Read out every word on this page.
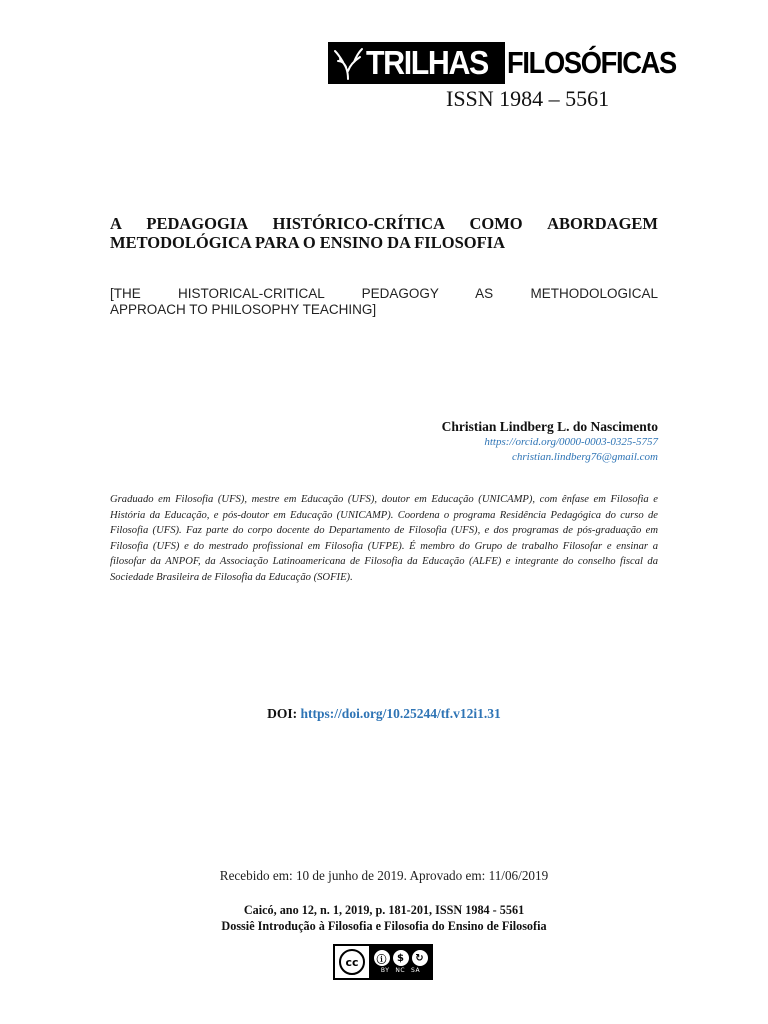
TRILHAS FILOSÓFICAS
ISSN 1984 – 5561
A PEDAGOGIA HISTÓRICO-CRÍTICA COMO ABORDAGEM
METODOLÓGICA PARA O ENSINO DA FILOSOFIA
[THE HISTORICAL-CRITICAL PEDAGOGY AS METHODOLOGICAL
APPROACH TO PHILOSOPHY TEACHING]
Christian Lindberg L. do Nascimento
https://orcid.org/0000-0003-0325-5757
christian.lindberg76@gmail.com
Graduado em Filosofia (UFS), mestre em Educação (UFS), doutor em Educação (UNICAMP), com ênfase em Filosofia e História da Educação, e pós-doutor em Educação (UNICAMP). Coordena o programa Residência Pedagógica do curso de Filosofia (UFS). Faz parte do corpo docente do Departamento de Filosofia (UFS), e dos programas de pós-graduação em Filosofia (UFS) e do mestrado profissional em Filosofia (UFPE). É membro do Grupo de trabalho Filosofar e ensinar a filosofar da ANPOF, da Associação Latinoamericana de Filosofia da Educação (ALFE) e integrante do conselho fiscal da Sociedade Brasileira de Filosofia da Educação (SOFIE).
DOI: https://doi.org/10.25244/tf.v12i1.31
Recebido em: 10 de junho de 2019. Aprovado em: 11/06/2019
Caicó, ano 12, n. 1, 2019, p. 181-201, ISSN 1984 - 5561
Dossiê Introdução à Filosofia e Filosofia do Ensino de Filosofia
cc	ⓘ	$	↻
BY NC SA
